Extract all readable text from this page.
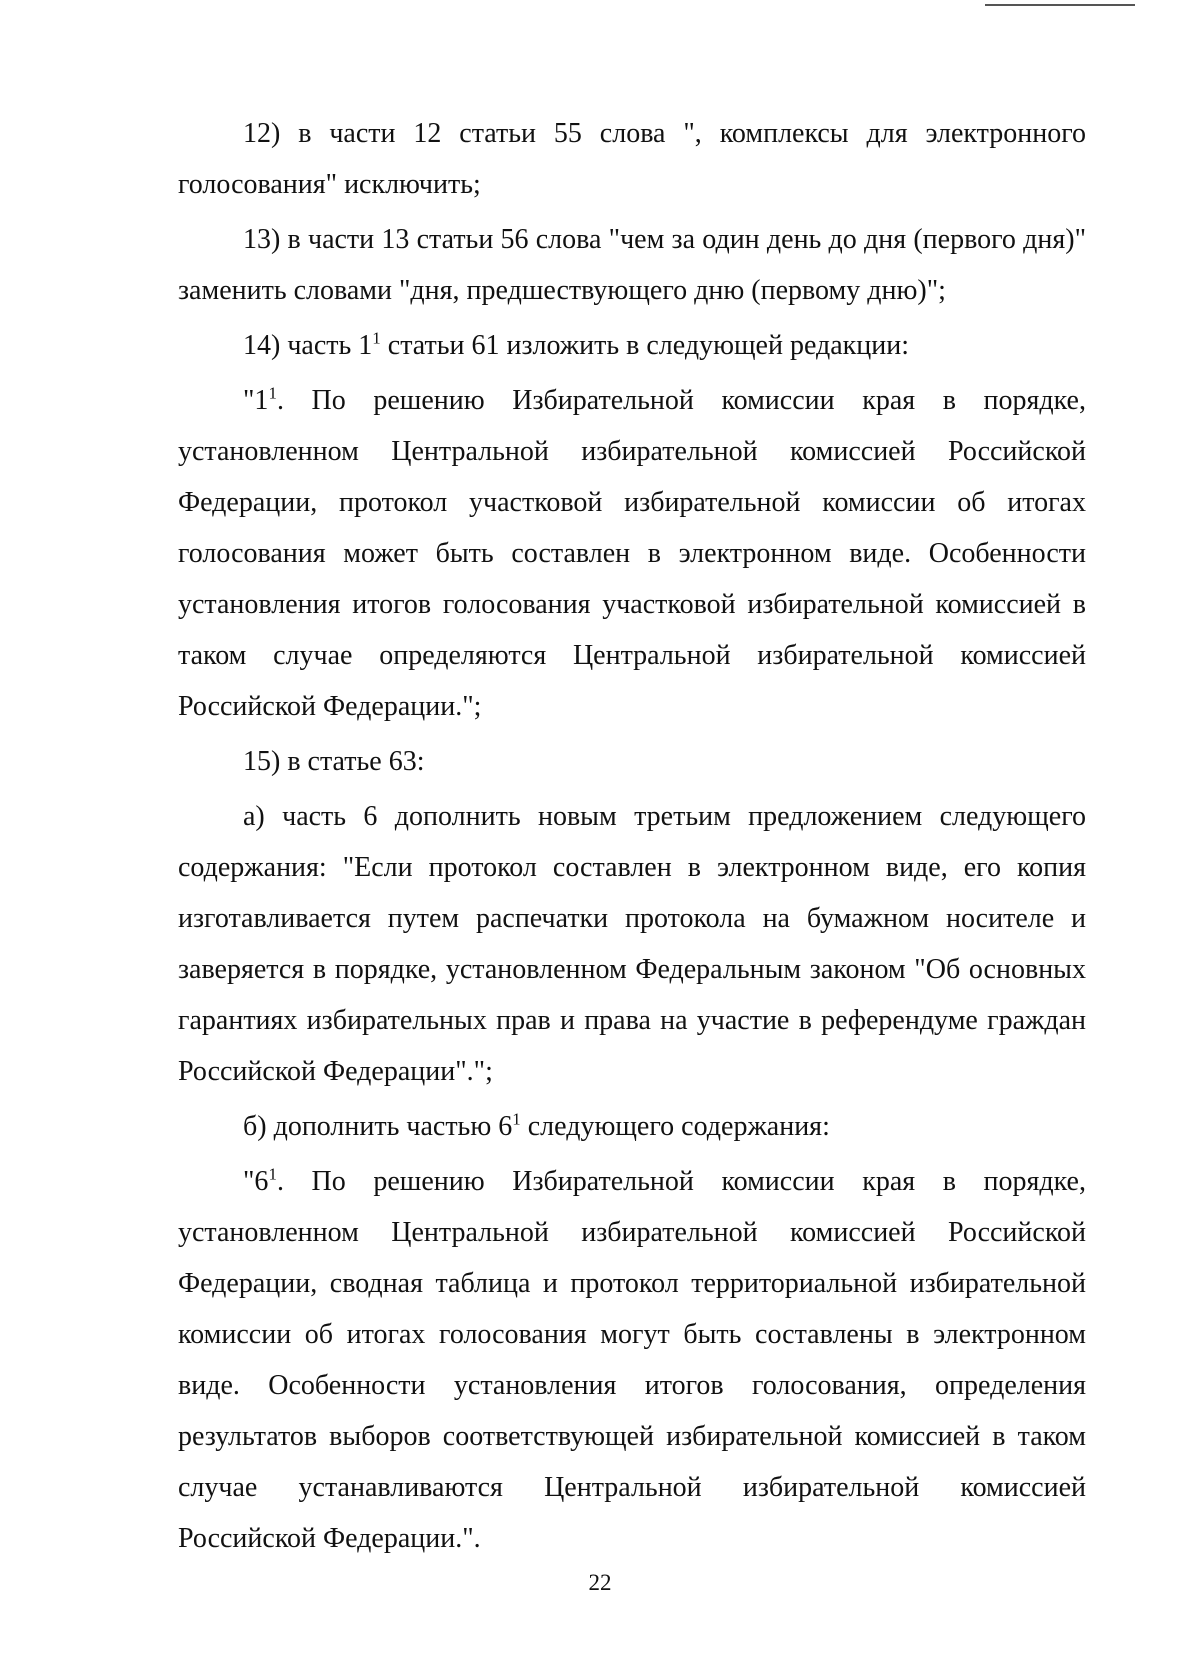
12) в части 12 статьи 55 слова ", комплексы для электронного голосования" исключить;

13) в части 13 статьи 56 слова "чем за один день до дня (первого дня)" заменить словами "дня, предшествующего дню (первому дню)";

14) часть $1^1$ статьи 61 изложить в следующей редакции:

"$1^1$. По решению Избирательной комиссии края в порядке, установленном Центральной избирательной комиссией Российской Федерации, протокол участковой избирательной комиссии об итогах голосования может быть составлен в электронном виде. Особенности установления итогов голосования участковой избирательной комиссией в таком случае определяются Центральной избирательной комиссией Российской Федерации.";

15) в статье 63:

а) часть 6 дополнить новым третьим предложением следующего содержания: "Если протокол составлен в электронном виде, его копия изготавливается путем распечатки протокола на бумажном носителе и заверяется в порядке, установленном Федеральным законом "Об основных гарантиях избирательных прав и права на участие в референдуме граждан Российской Федерации".";

б) дополнить частью $6^1$ следующего содержания:

"$6^1$. По решению Избирательной комиссии края в порядке, установленном Центральной избирательной комиссией Российской Федерации, сводная таблица и протокол территориальной избирательной комиссии об итогах голосования могут быть составлены в электронном виде. Особенности установления итогов голосования, определения результатов выборов соответствующей избирательной комиссией в таком случае устанавливаются Центральной избирательной комиссией Российской Федерации.".

22
